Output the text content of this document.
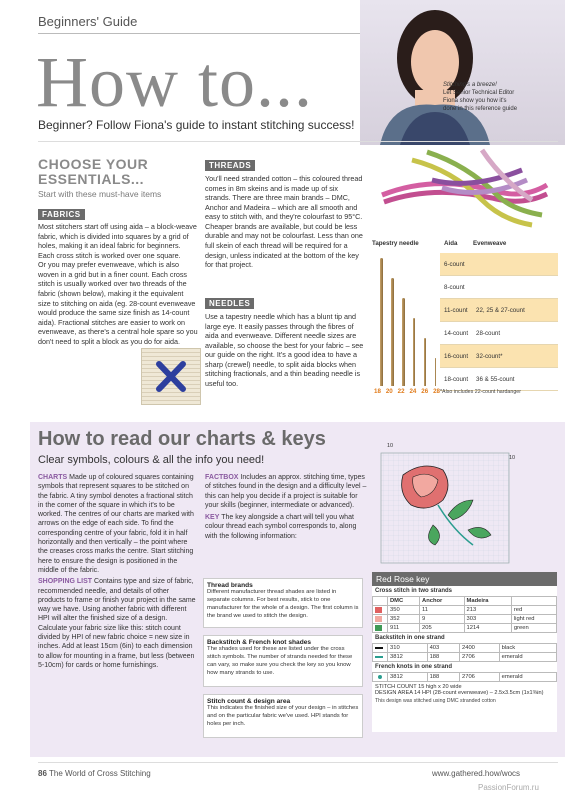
Beginners' Guide
How to...
Beginner? Follow Fiona's guide to instant stitching success!
Stitching's a breeze!
Let Senior Technical Editor
Fiona show you how it's
done in this reference guide
CHOOSE YOUR
ESSENTIALS...
Start with these must-have items
FABRICS
Most stitchers start off using aida – a block-weave fabric, which is divided into squares by a grid of holes, making it an ideal fabric for beginners. Each cross stitch is worked over one square.
Or you may prefer evenweave, which is also woven in a grid but in a finer count. Each cross stitch is usually worked over two threads of the fabric (shown below), making it the equivalent size to stitching on aida (eg. 28-count evenweave would produce the same size finish as 14-count aida). Fractional stitches are easier to work on evenweave, as there's a central hole spare so you don't need to split a block as you do for aida.
THREADS
You'll need stranded cotton – this coloured thread comes in 8m skeins and is made up of six strands. There are three main brands – DMC, Anchor and Madeira – which are all smooth and easy to stitch with, and they're colourfast to 95°C. Cheaper brands are available, but could be less durable and may not be colourfast. Less than one full skein of each thread will be required for a design, unless indicated at the bottom of the key for that project.
NEEDLES
Use a tapestry needle which has a blunt tip and large eye. It easily passes through the fibres of aida and evenweave. Different needle sizes are available, so choose the best for your fabric – see our guide on the right. It's a good idea to have a sharp (crewel) needle, to split aida blocks when stitching fractionals, and a thin beading needle is useful too.
Tapestry needle	Aida	Evenweave
6-count
8-count
11-count	22, 25 & 27-count
14-count	28-count
16-count	32-count*
18-count	36 & 55-count
18 20 22 24 26 28 *Also includes 22-count hardanger
How to read our charts & keys
Clear symbols, colours & all the info you need!
CHARTS Made up of coloured squares containing symbols that represent squares to be stitched on the fabric. A tiny symbol denotes a fractional stitch in the corner of the square in which it's to be worked. The centres of our charts are marked with arrows on the edge of each side. To find the corresponding centre of your fabric, fold it in half horizontally and then vertically – the point where the creases cross marks the centre. Start stitching here to ensure the design is positioned in the middle of the fabric.
SHOPPING LIST Contains type and size of fabric, recommended needle, and details of other products to frame or finish your project in the same way we have. Using another fabric with different HPI will alter the finished size of a design. Calculate your fabric size like this: stitch count divided by HPI of new fabric choice = new size in inches. Add at least 15cm (6in) to each dimension to allow for mounting in a frame, but less (between 5-10cm) for cards or home furnishings.
FACTBOX Includes an approx. stitching time, types of stitches found in the design and a difficulty level – this can help you decide if a project is suitable for your skills (beginner, intermediate or advanced).
KEY The key alongside a chart will tell you what colour thread each symbol corresponds to, along with the following information:
Thread brands
Different manufacturer thread shades are listed in separate columns. For best results, stick to one manufacturer for the whole of a design. The first column is the brand we used to stitch the design.
Backstitch & French knot shades
The shades used for these are listed under the cross stitch symbols. The number of strands needed for these can vary, so make sure you check the key so you know how many strands to use.
Stitch count & design area
This indicates the finished size of your design – in stitches and on the particular fabric we've used. HPI stands for holes per inch.
10
10
Red Rose key
Cross stitch in two strands
	DMC	Anchor	Madeira	

	350	11	213	red

	352	9	303	light red

	911	205	1214	green
Backstitch in one strand
	310	403	2400	black

	3812	188	2706	emerald
French knots in one strand
	3812	188	2706	emerald
STITCH COUNT 15 high x 20 wide
DESIGN AREA 14 HPI (28-count evenweave) – 2.5x3.5cm (1x1⅜in)
This design was stitched using DMC stranded cotton
86 The World of Cross Stitching	www.gathered.how/wocs
PassionForum.ru
